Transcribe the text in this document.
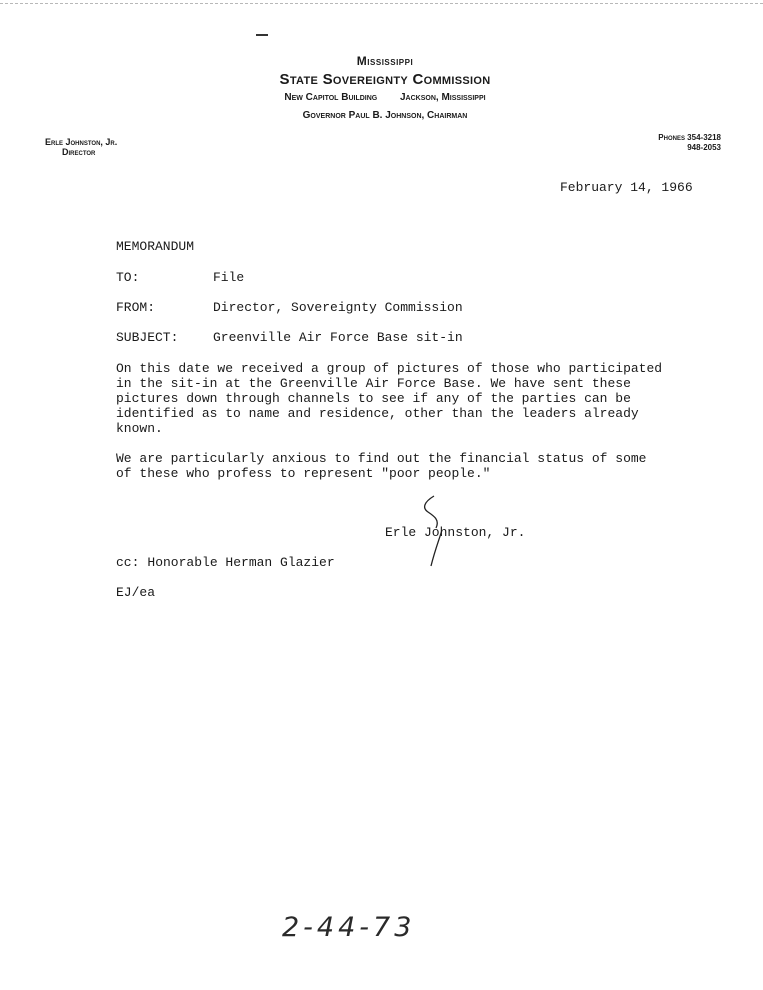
Mississippi
State Sovereignty Commission
New Capitol Building Jackson, Mississippi
Governor Paul B. Johnson, Chairman
Erle Johnston, Jr.
Director
Phones 354-3218
948-2053
February 14, 1966
MEMORANDUM
TO:	File
FROM:	Director, Sovereignty Commission
SUBJECT:	Greenville Air Force Base sit-in
On this date we received a group of pictures of those who participated
in the sit-in at the Greenville Air Force Base. We have sent these
pictures down through channels to see if any of the parties can be
identified as to name and residence, other than the leaders already
known.
We are particularly anxious to find out the financial status of some
of these who profess to represent "poor people."
Erle Johnston, Jr.
cc: Honorable Herman Glazier
EJ/ea
2-44-73
